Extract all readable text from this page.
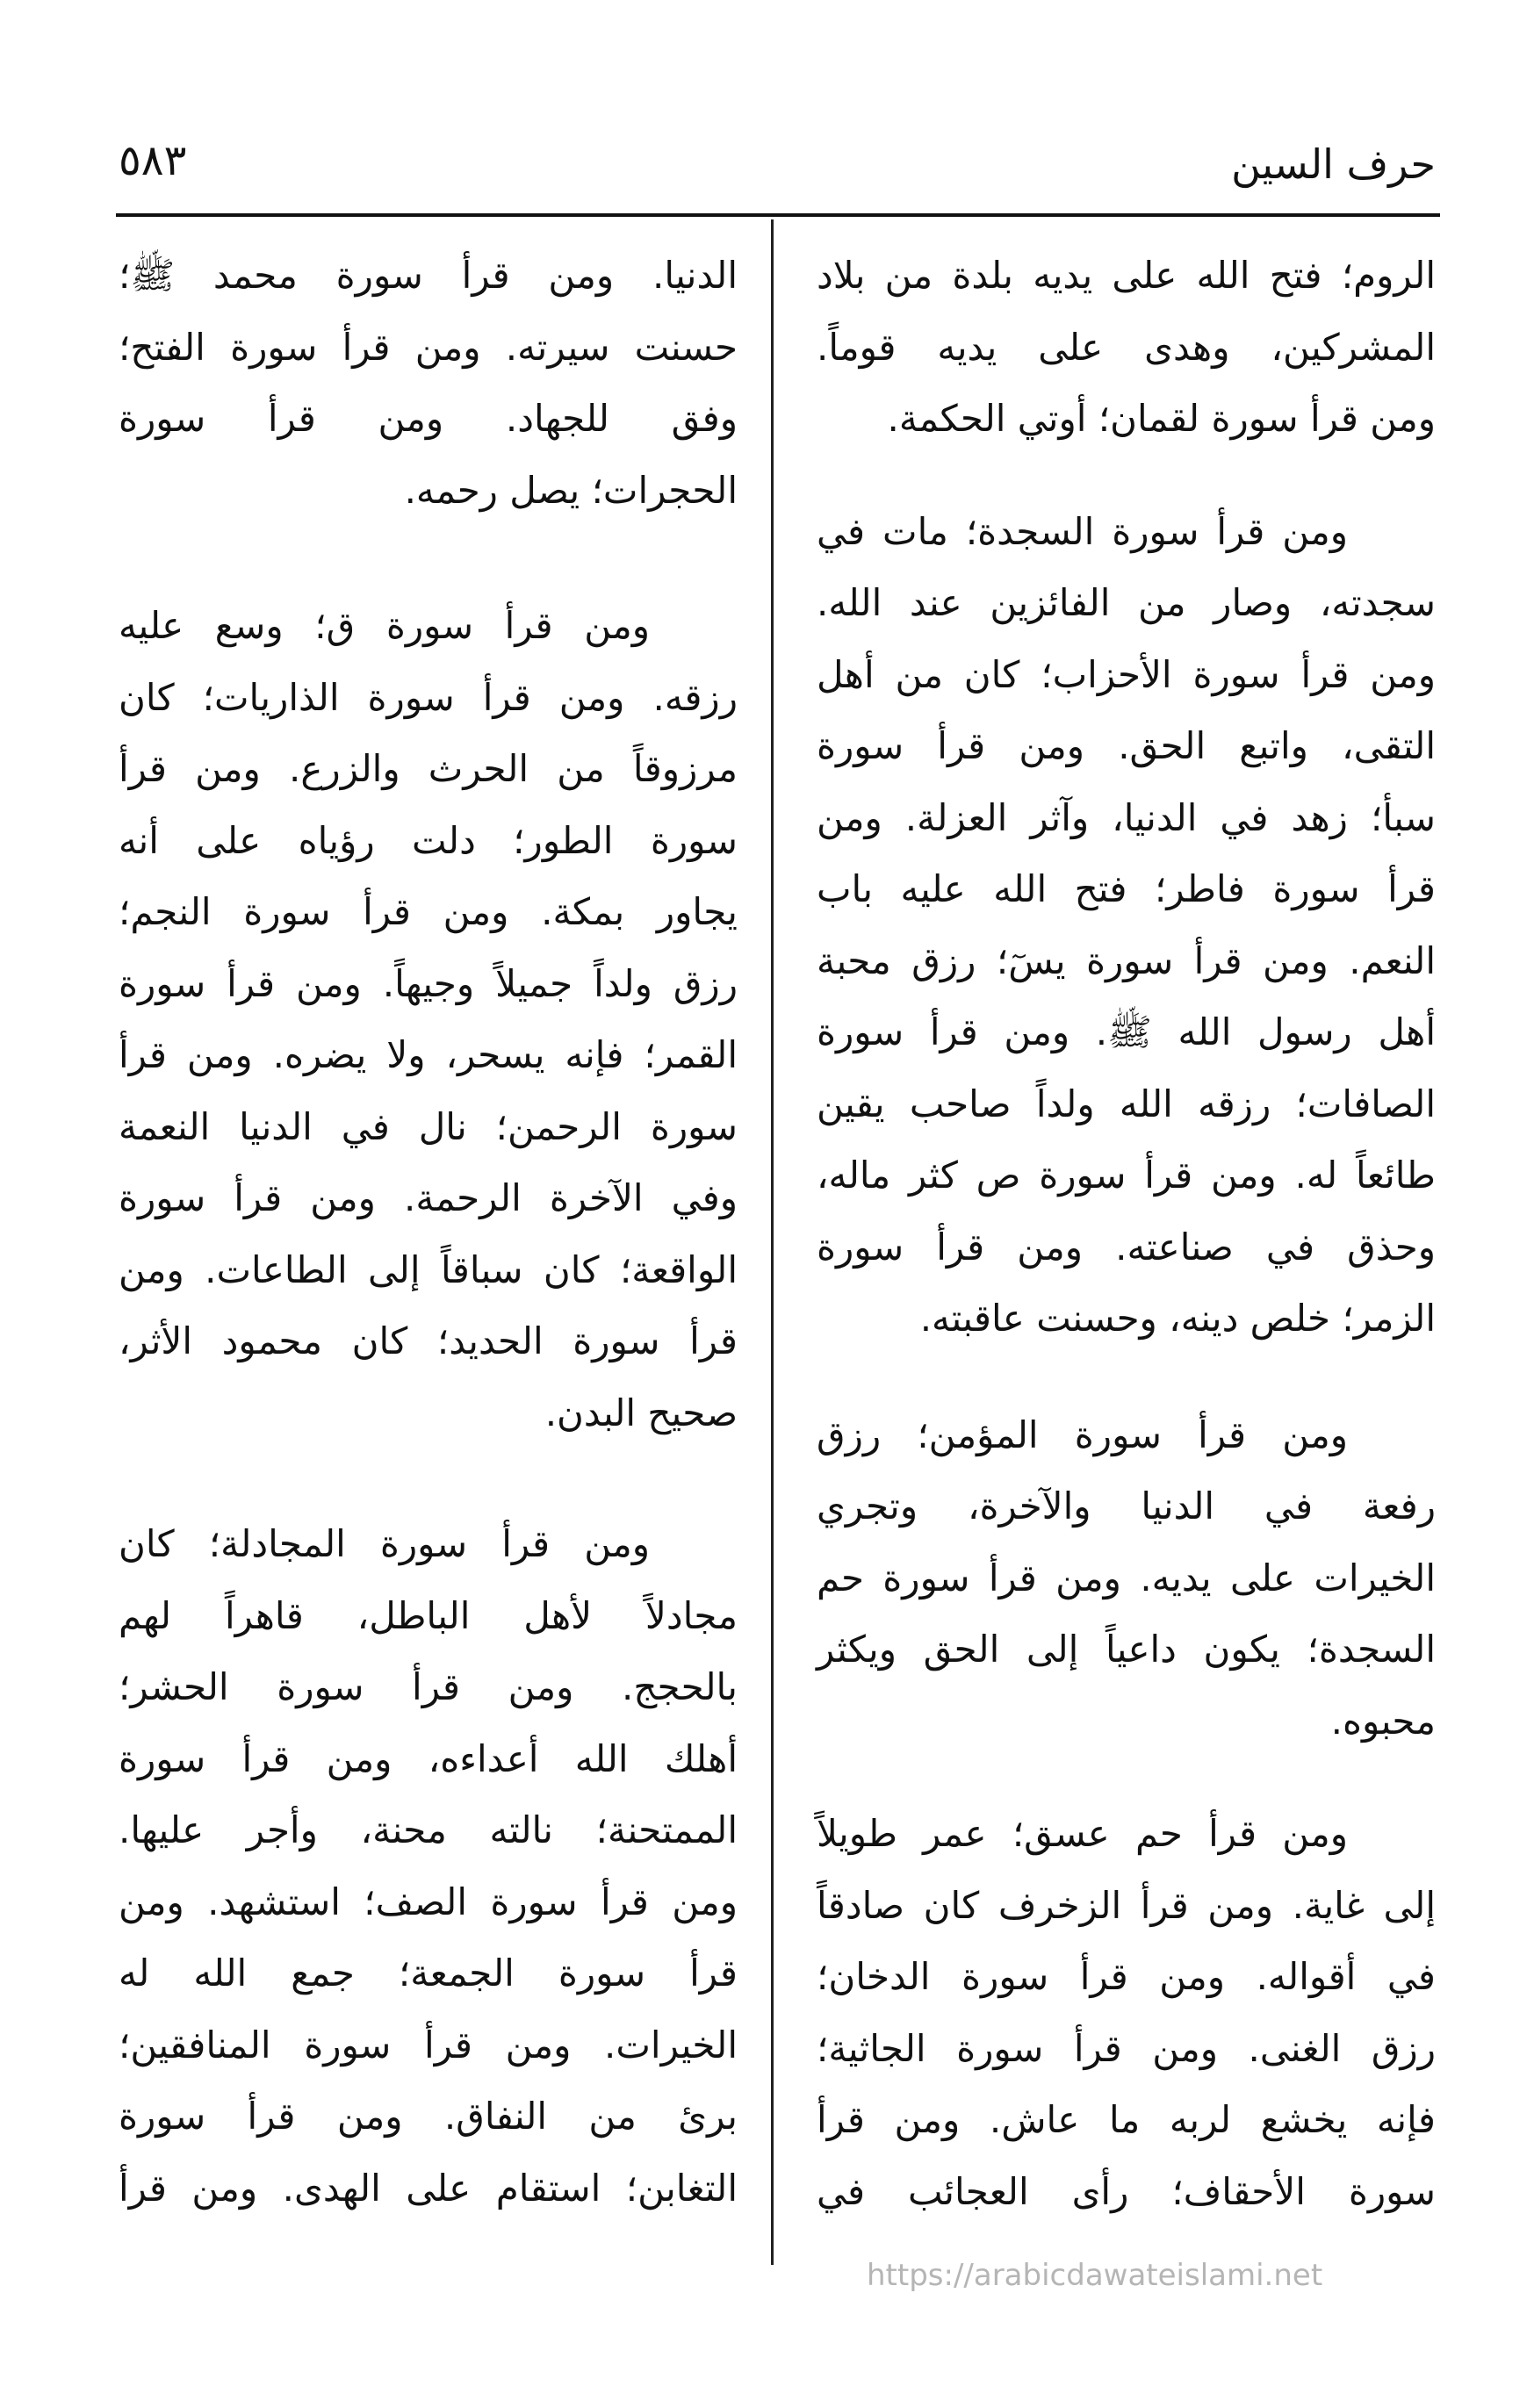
حرف السين
٥٨٣
الروم؛ فتح الله على يديه بلدة من بلاد
المشركين، وهدى على يديه قوماً.
ومن قرأ سورة لقمان؛ أوتي الحكمة.
ومن قرأ سورة السجدة؛ مات في
سجدته، وصار من الفائزين عند الله.
ومن قرأ سورة الأحزاب؛ كان من أهل
التقى، واتبع الحق. ومن قرأ سورة
سبأ؛ زهد في الدنيا، وآثر العزلة. ومن
قرأ سورة فاطر؛ فتح الله عليه باب
النعم. ومن قرأ سورة يسٓ؛ رزق محبة
أهل رسول الله ﷺ. ومن قرأ سورة
الصافات؛ رزقه الله ولداً صاحب يقين
طائعاً له. ومن قرأ سورة ص كثر ماله،
وحذق في صناعته. ومن قرأ سورة
الزمر؛ خلص دينه، وحسنت عاقبته.
ومن قرأ سورة المؤمن؛ رزق
رفعة في الدنيا والآخرة، وتجري
الخيرات على يديه. ومن قرأ سورة حم
السجدة؛ يكون داعياً إلى الحق ويكثر
محبوه.
ومن قرأ حم عسق؛ عمر طويلاً
إلى غاية. ومن قرأ الزخرف كان صادقاً
في أقواله. ومن قرأ سورة الدخان؛
رزق الغنى. ومن قرأ سورة الجاثية؛
فإنه يخشع لربه ما عاش. ومن قرأ
سورة الأحقاف؛ رأى العجائب في
الدنيا. ومن قرأ سورة محمد ﷺ؛
حسنت سيرته. ومن قرأ سورة الفتح؛
وفق للجهاد. ومن قرأ سورة
الحجرات؛ يصل رحمه.
ومن قرأ سورة ق؛ وسع عليه
رزقه. ومن قرأ سورة الذاريات؛ كان
مرزوقاً من الحرث والزرع. ومن قرأ
سورة الطور؛ دلت رؤياه على أنه
يجاور بمكة. ومن قرأ سورة النجم؛
رزق ولداً جميلاً وجيهاً. ومن قرأ سورة
القمر؛ فإنه يسحر، ولا يضره. ومن قرأ
سورة الرحمن؛ نال في الدنيا النعمة
وفي الآخرة الرحمة. ومن قرأ سورة
الواقعة؛ كان سباقاً إلى الطاعات. ومن
قرأ سورة الحديد؛ كان محمود الأثر،
صحيح البدن.
ومن قرأ سورة المجادلة؛ كان
مجادلاً لأهل الباطل، قاهراً لهم
بالحجج. ومن قرأ سورة الحشر؛
أهلك الله أعداءه، ومن قرأ سورة
الممتحنة؛ نالته محنة، وأجر عليها.
ومن قرأ سورة الصف؛ استشهد. ومن
قرأ سورة الجمعة؛ جمع الله له
الخيرات. ومن قرأ سورة المنافقين؛
برئ من النفاق. ومن قرأ سورة
التغابن؛ استقام على الهدى. ومن قرأ
https://arabicdawateislami.net
